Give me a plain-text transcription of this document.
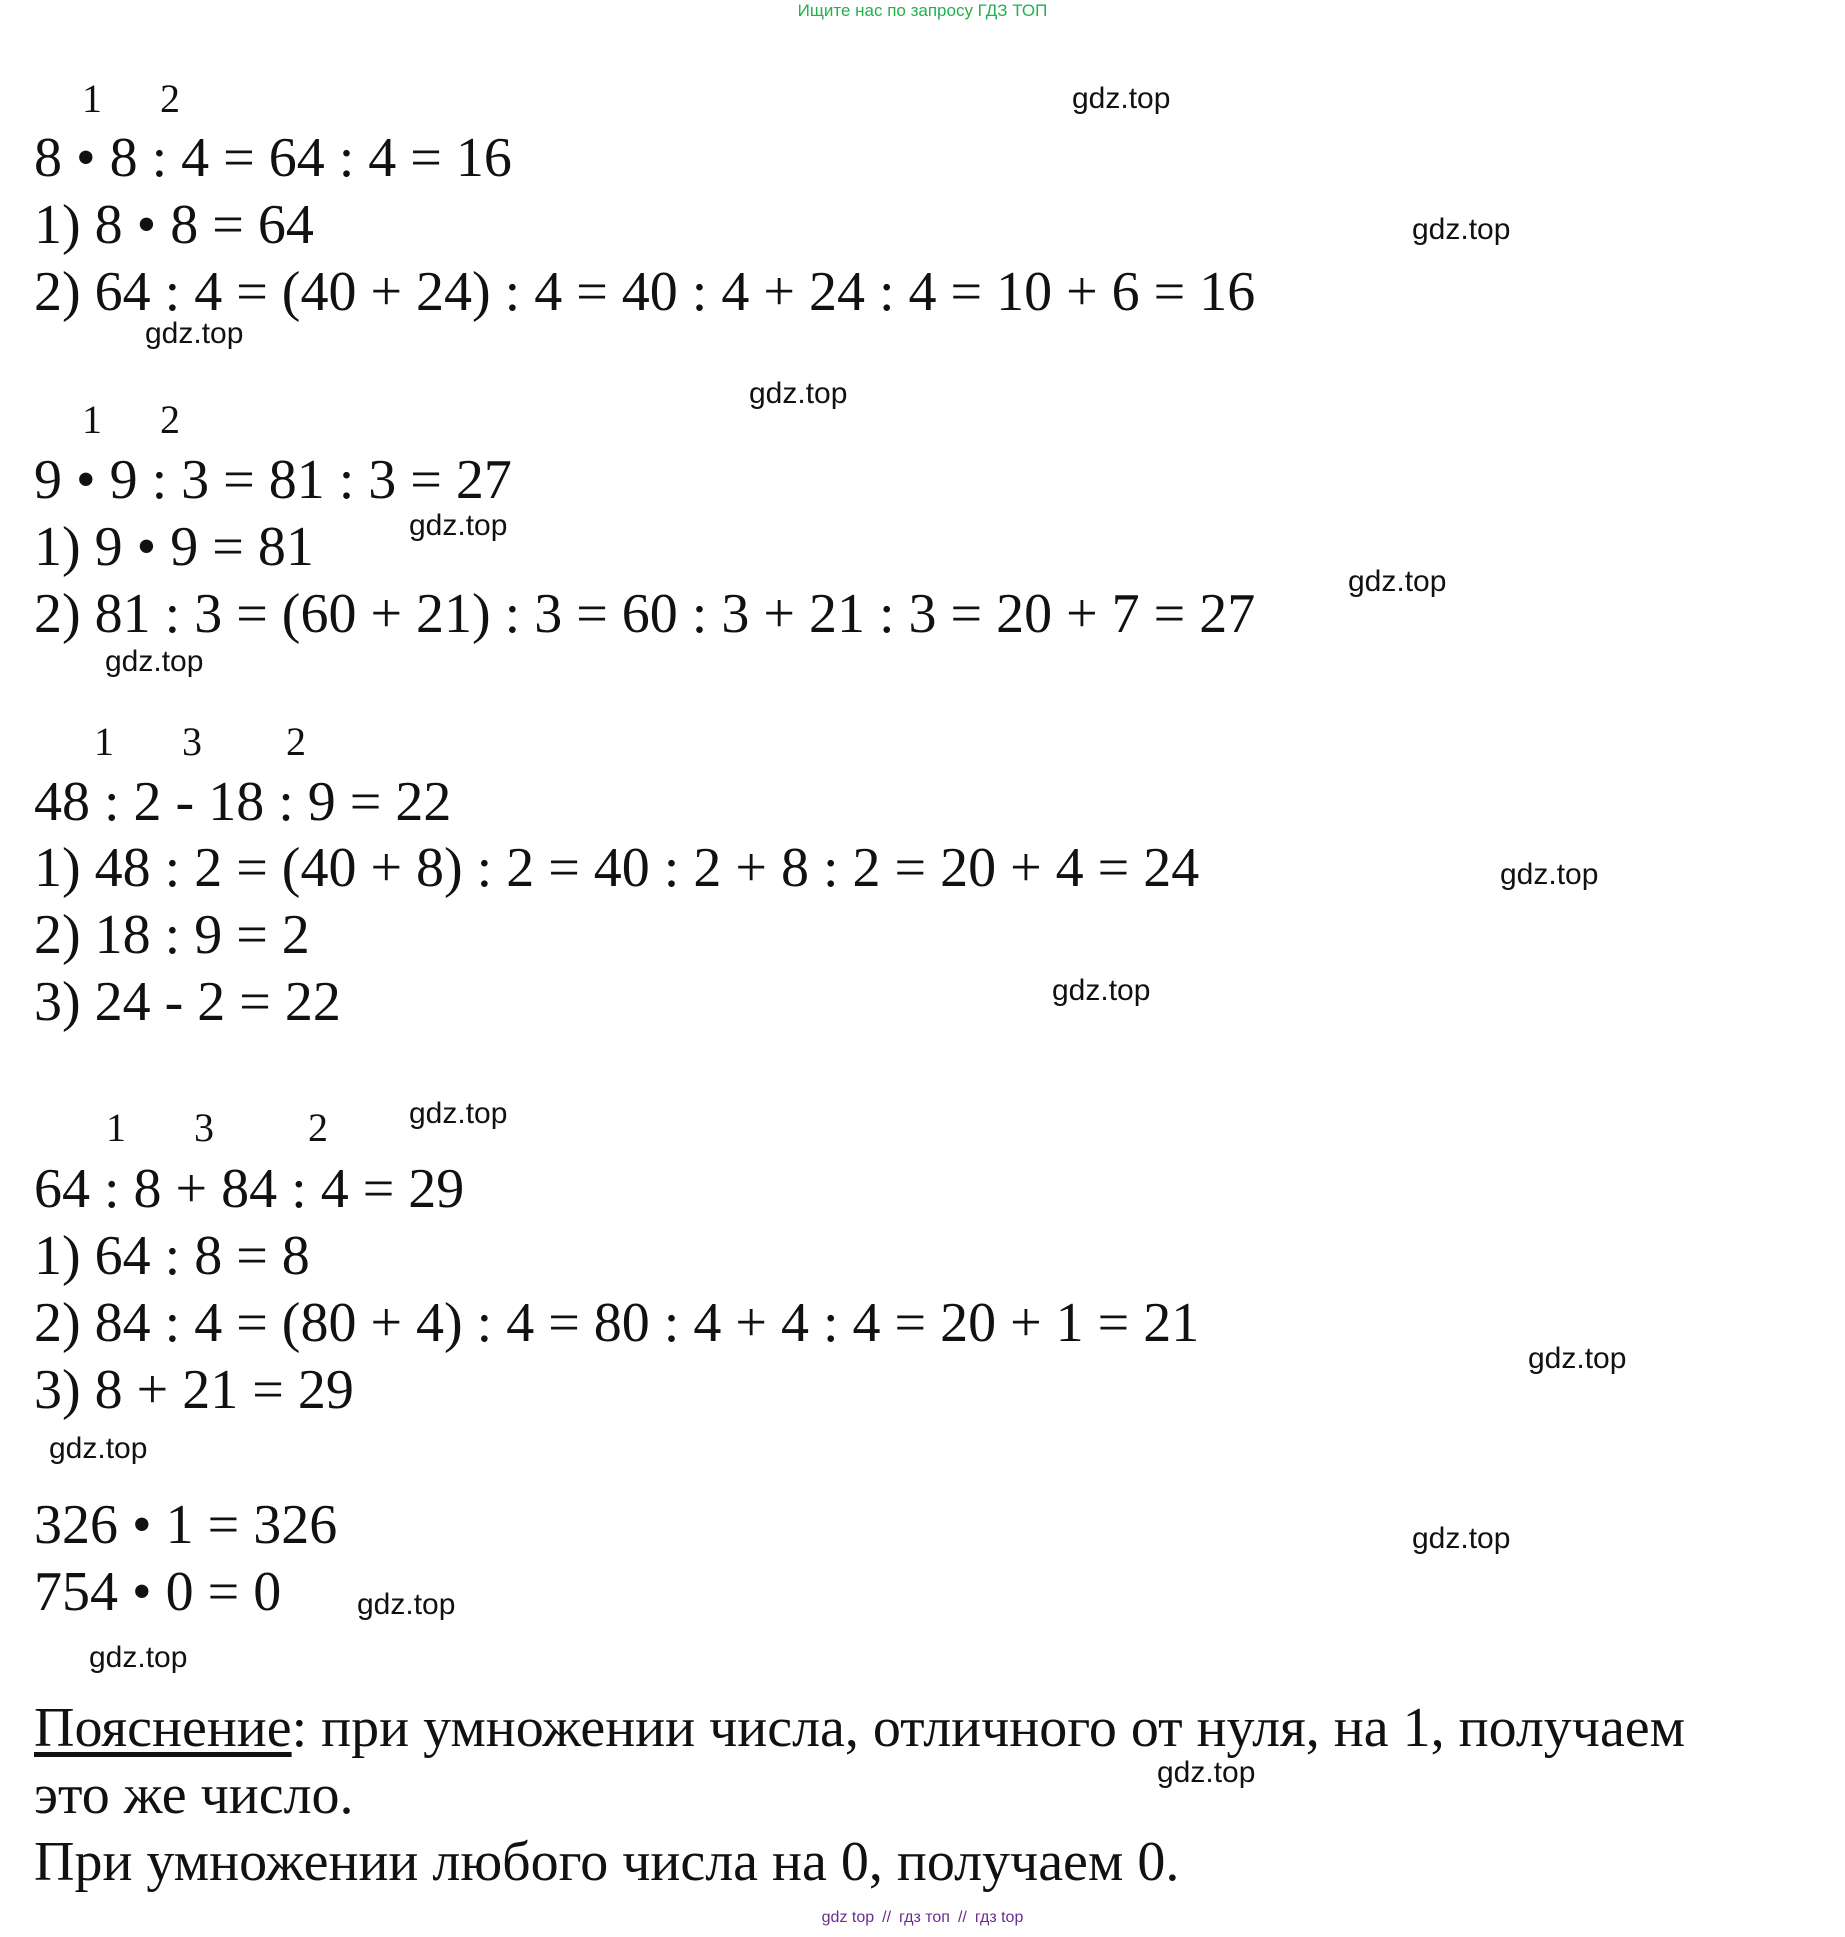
Ищите нас по запросу ГДЗ ТОП
1 2
8 • 8 : 4 = 64 : 4 = 16
1) 8 • 8 = 64
2) 64 : 4 = (40 + 24) : 4 = 40 : 4 + 24 : 4 = 10 + 6 = 16
1 2
9 • 9 : 3 = 81 : 3 = 27
1) 9 • 9 = 81
2) 81 : 3 = (60 + 21) : 3 = 60 : 3 + 21 : 3 = 20 + 7 = 27
1 3 2
48 : 2 - 18 : 9 = 22
1) 48 : 2 = (40 + 8) : 2 = 40 : 2 + 8 : 2 = 20 + 4 = 24
2) 18 : 9 = 2
3) 24 - 2 = 22
1 3 2
64 : 8 + 84 : 4 = 29
1) 64 : 8 = 8
2) 84 : 4 = (80 + 4) : 4 = 80 : 4 + 4 : 4 = 20 + 1 = 21
3) 8 + 21 = 29
326 • 1 = 326
754 • 0 = 0
Пояснение: при умножении числа, отличного от нуля, на 1, получаем
это же число.
При умножении любого числа на 0, получаем 0.
gdz.top
gdz.top
gdz.top
gdz.top
gdz.top
gdz.top
gdz.top
gdz.top
gdz.top
gdz.top
gdz.top
gdz.top
gdz.top
gdz.top
gdz.top
gdz.top
gdz top // гдз топ // гдз top
